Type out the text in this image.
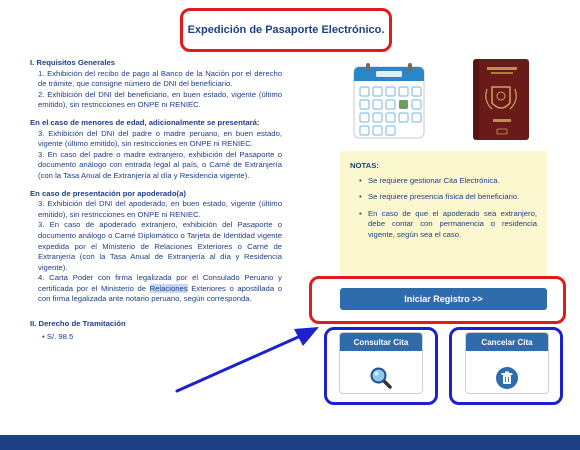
Expedición de Pasaporte Electrónico.

I. Requisitos Generales

1. Exhibición del recibo de pago al Banco de la Nación por el derecho de trámite, que consigne número de DNI del beneficiario.

2. Exhibición del DNI del beneficiario, en buen estado, vigente (último emitido), sin restricciones en ONPE ni RENIEC.

En el caso de menores de edad, adicionalmente se presentará:

3. Exhibición del DNI del padre o madre peruano, en buen estado, vigente (último emitido), sin restricciones en ONPE ni RENIEC.

3. En caso del padre o madre extranjero, exhibición del Pasaporte o documento análogo con entrada legal al país, o Carné de Extranjería (con la Tasa Anual de Extranjería al día y Residencia vigente).

En caso de presentación por apoderado(a)

3. Exhibición del DNI del apoderado, en buen estado, vigente (último emitido), sin restricciones en ONPE ni RENIEC.

3. En caso de apoderado extranjero, exhibición del Pasaporte o documento análogo o Carné Diplomático o Tarjeta de Identidad vigente expedida por el Ministerio de Relaciones Exteriores o Carné de Extranjería (con la Tasa Anual de Extranjería al día y Residencia vigente).

4. Carta Poder con firma legalizada por el Consulado Peruano y certificada por el Ministerio de Relaciones Exteriores o apostillada o con firma legalizada ante notario peruano, según corresponda.

II. Derecho de Tramitación

• S/. 98.5

NOTAS:
• Se requiere gestionar Cita Electrónica.
• Se requiere presencia física del beneficiario.
• En caso de que el apoderado sea extranjero, debe contar con permanencia o residencia vigente, según sea el caso.
Iniciar Registro >>
Consultar Cita	Cancelar Cita
